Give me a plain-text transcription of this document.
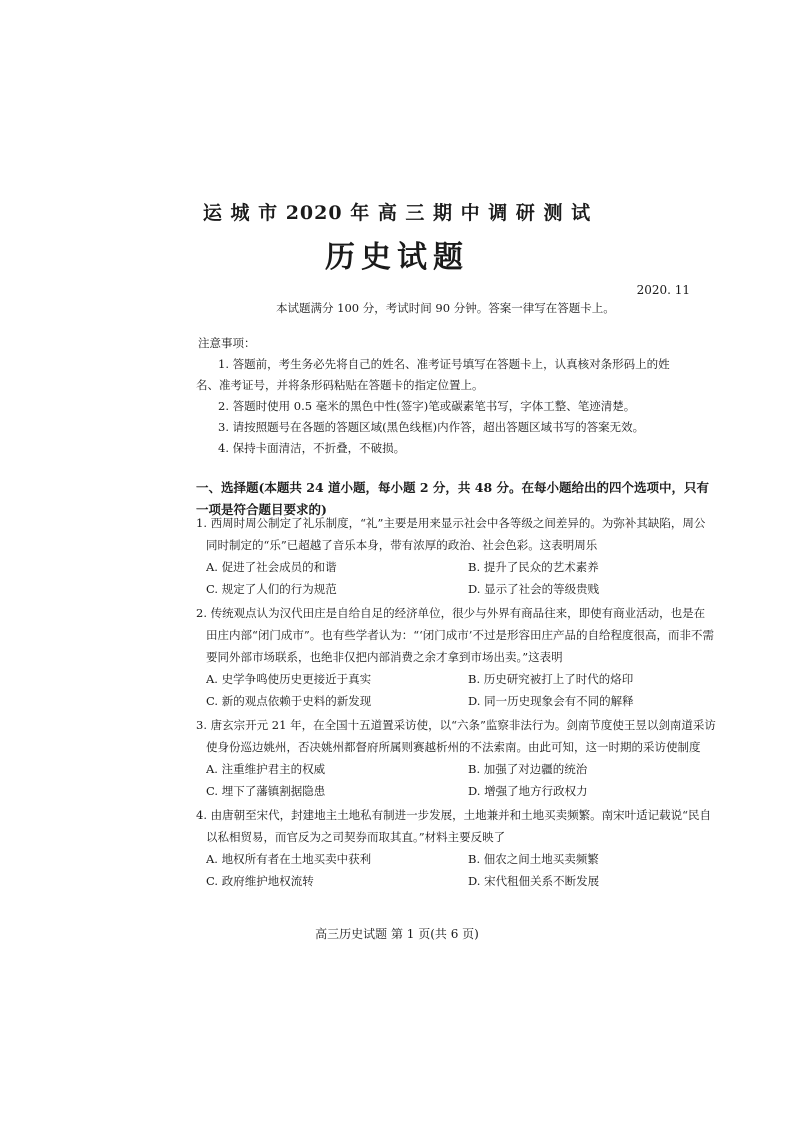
运 城 市 2020 年 高 三 期 中 调 研 测 试
历史试题
2020. 11
本试题满分 100 分，考试时间 90 分钟。答案一律写在答题卡上。
注意事项：
1. 答题前，考生务必先将自己的姓名、准考证号填写在答题卡上，认真核对条形码上的姓
名、准考证号，并将条形码粘贴在答题卡的指定位置上。
2. 答题时使用 0.5 毫米的黑色中性(签字)笔或碳素笔书写，字体工整、笔迹清楚。
3. 请按照题号在各题的答题区域(黑色线框)内作答，超出答题区域书写的答案无效。
4. 保持卡面清洁，不折叠，不破损。
一、选择题(本题共 24 道小题，每小题 2 分，共 48 分。在每小题给出的四个选项中，只有一项是符合题目要求的)
1. 西周时周公制定了礼乐制度，“礼”主要是用来显示社会中各等级之间差异的。为弥补其缺陷，周公同时制定的“乐”已超越了音乐本身，带有浓厚的政治、社会色彩。这表明周乐
A. 促进了社会成员的和谐	B. 提升了民众的艺术素养
C. 规定了人们的行为规范	D. 显示了社会的等级贵贱
2. 传统观点认为汉代田庄是自给自足的经济单位，很少与外界有商品往来，即使有商业活动，也是在田庄内部“闭门成市”。也有些学者认为：“‘闭门成市’不过是形容田庄产品的自给程度很高，而非不需要同外部市场联系，也绝非仅把内部消费之余才拿到市场出卖。”这表明
A. 史学争鸣使历史更接近于真实	B. 历史研究被打上了时代的烙印
C. 新的观点依赖于史料的新发现	D. 同一历史现象会有不同的解释
3. 唐玄宗开元 21 年，在全国十五道置采访使，以“六条”监察非法行为。剑南节度使王昱以剑南道采访使身份巡边姚州，否决姚州都督府所属则赛越析州的不法索南。由此可知，这一时期的采访使制度
A. 注重维护君主的权威	B. 加强了对边疆的统治
C. 埋下了藩镇割据隐患	D. 增强了地方行政权力
4. 由唐朝至宋代，封建地主土地私有制进一步发展，土地兼并和土地买卖频繁。南宋叶适记载说“民自以私相贸易，而官反为之司契券而取其直。”材料主要反映了
A. 地权所有者在土地买卖中获利	B. 佃农之间土地买卖频繁
C. 政府维护地权流转	D. 宋代租佃关系不断发展
高三历史试题 第 1 页(共 6 页)
